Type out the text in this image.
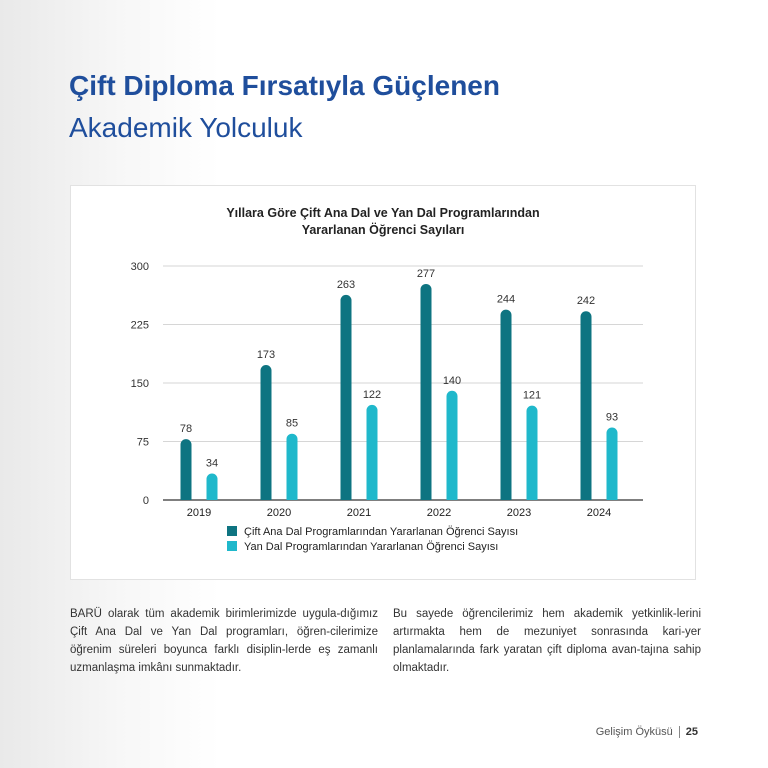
Çift Diploma Fırsatıyla Güçlenen
Akademik Yolculuk
Yıllara Göre Çift Ana Dal ve Yan Dal Programlarından
Yararlanan Öğrenci Sayıları
0
75
150
225
300
78
34
2019
173
85
2020
263
122
2021
277
140
2022
244
121
2023
242
93
2024
Çift Ana Dal Programlarından Yararlanan Öğrenci Sayısı
Yan Dal Programlarından Yararlanan Öğrenci Sayısı
BARÜ olarak tüm akademik birimlerimizde uygula-dığımız Çift Ana Dal ve Yan Dal programları, öğren-cilerimize öğrenim süreleri boyunca farklı disiplin-lerde eş zamanlı uzmanlaşma imkânı sunmaktadır.
Bu sayede öğrencilerimiz hem akademik yetkinlik-lerini artırmakta hem de mezuniyet sonrasında kari-yer planlamalarında fark yaratan çift diploma avan-tajına sahip olmaktadır.
Gelişim Öyküsü 25
